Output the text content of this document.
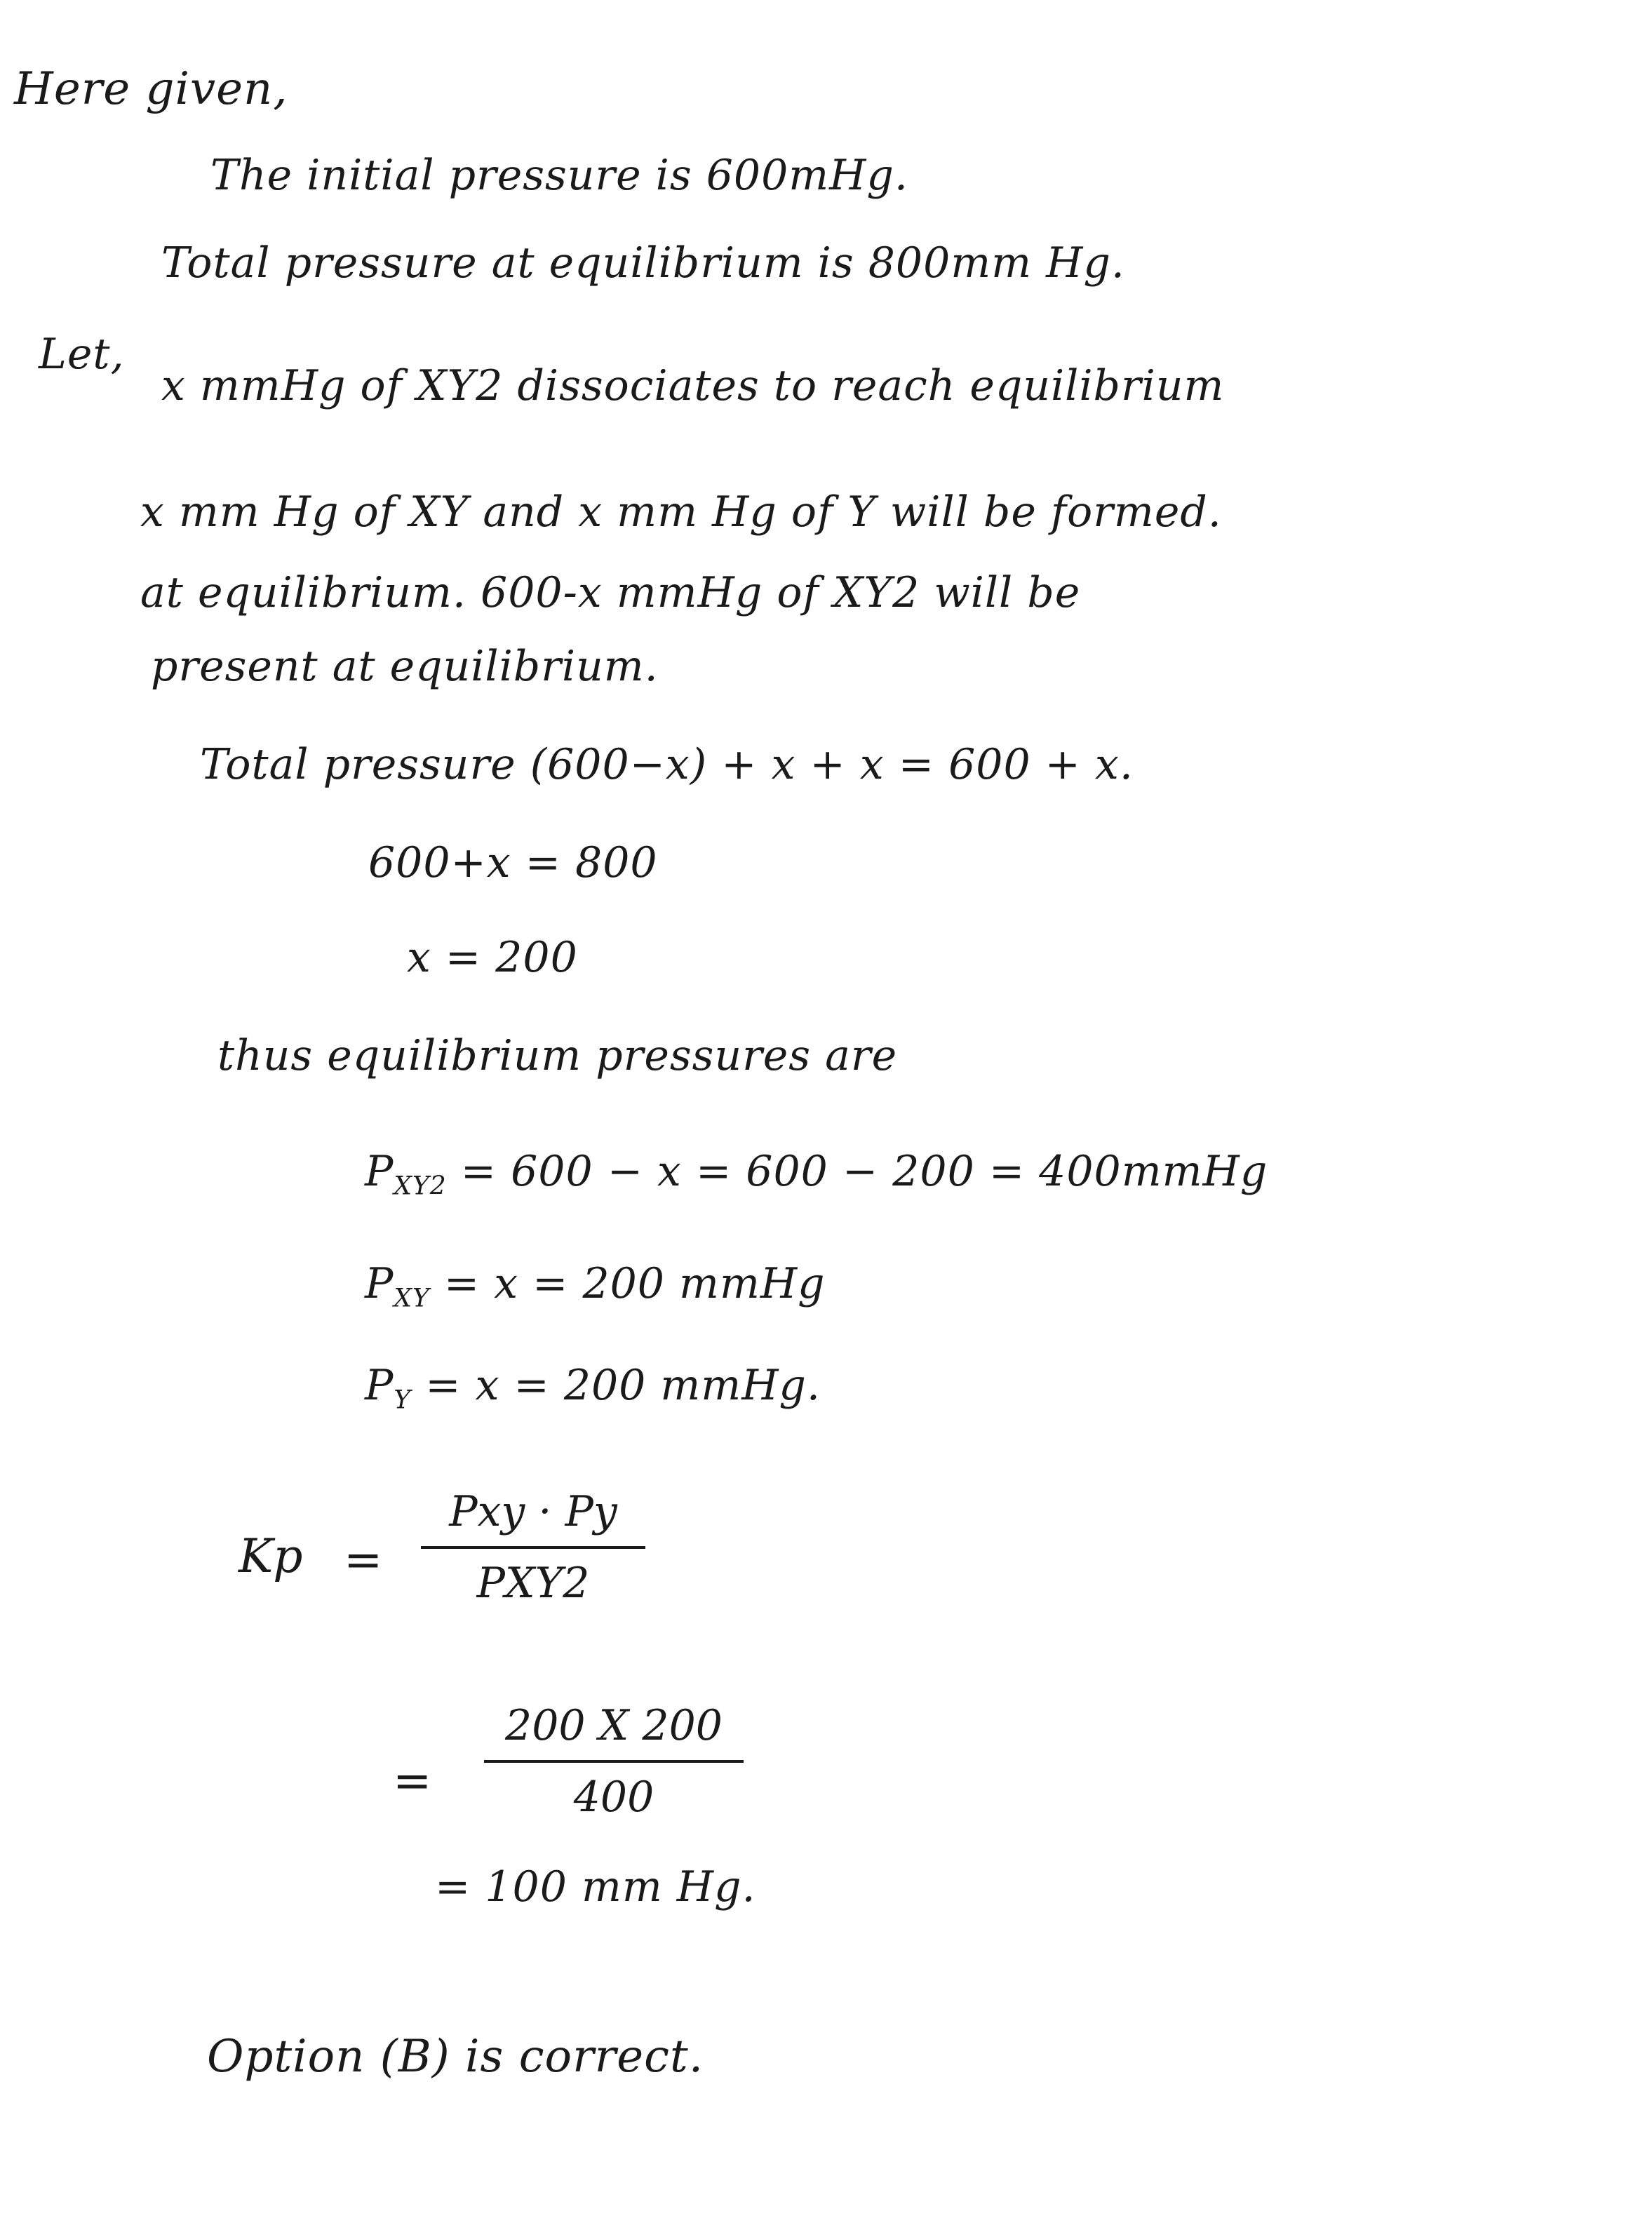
Here given,
The initial pressure is 600mHg.
Total pressure at equilibrium is 800mm Hg.
Let,
x mmHg of XY2 dissociates to reach equilibrium
x mm Hg of XY and x mm Hg of Y will be formed.
at equilibrium. 600-x mmHg of XY2 will be
present at equilibrium.
Total pressure (600−x) + x + x = 600 + x.
600+x = 800
x = 200
thus equilibrium pressures are
$P_{XY2} = 600 - x = 600 - 200$ = 400mmHg
$P_{XY} = x = 200$ mmHg
$P_Y = x = 200$ mmHg.
Kp =
Pxy · Py
PXY2
=
200 X 200
400
= 100 mm Hg.
Option (B) is correct.
